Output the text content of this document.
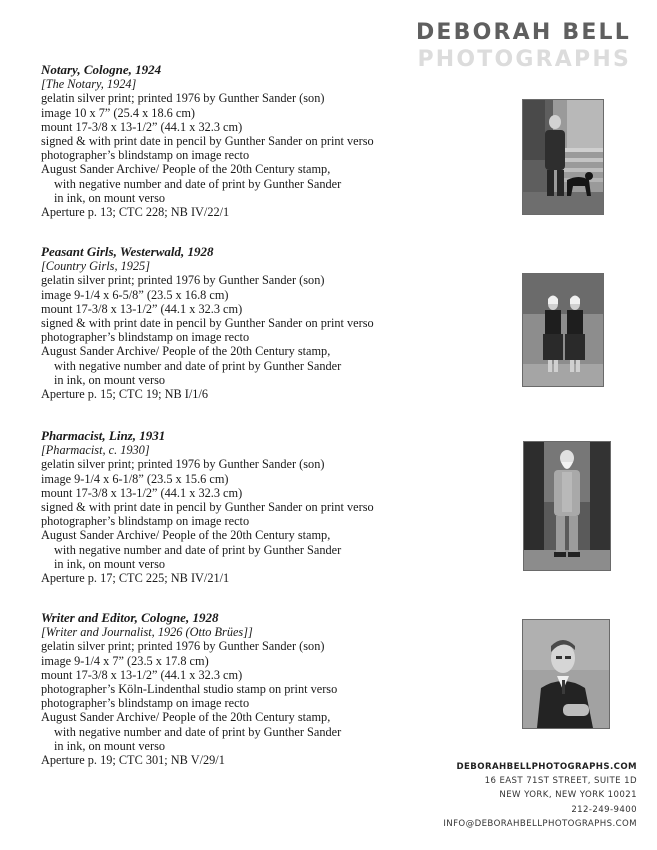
DEBORAH BELL
PHOTOGRAPHS
Notary, Cologne, 1924
[The Notary, 1924]
gelatin silver print; printed 1976 by Gunther Sander (son)
image 10 x 7” (25.4 x 18.6 cm)
mount 17-3/8 x 13-1/2” (44.1 x 32.3 cm)
signed & with print date in pencil by Gunther Sander on print verso
photographer’s blindstamp on image recto
August Sander Archive/ People of the 20th Century stamp,
with negative number and date of print by Gunther Sander
in ink, on mount verso
Aperture p. 13; CTC 228; NB IV/22/1
Peasant Girls, Westerwald, 1928
[Country Girls, 1925]
gelatin silver print; printed 1976 by Gunther Sander (son)
image 9-1/4 x 6-5/8” (23.5 x 16.8 cm)
mount 17-3/8 x 13-1/2” (44.1 x 32.3 cm)
signed & with print date in pencil by Gunther Sander on print verso
photographer’s blindstamp on image recto
August Sander Archive/ People of the 20th Century stamp,
with negative number and date of print by Gunther Sander
in ink, on mount verso
Aperture p. 15; CTC 19; NB I/1/6
Pharmacist, Linz, 1931
[Pharmacist, c. 1930]
gelatin silver print; printed 1976 by Gunther Sander (son)
image 9-1/4 x 6-1/8” (23.5 x 15.6 cm)
mount 17-3/8 x 13-1/2” (44.1 x 32.3 cm)
signed & with print date in pencil by Gunther Sander on print verso
photographer’s blindstamp on image recto
August Sander Archive/ People of the 20th Century stamp,
with negative number and date of print by Gunther Sander
in ink, on mount verso
Aperture p. 17; CTC 225; NB IV/21/1
Writer and Editor, Cologne, 1928
[Writer and Journalist, 1926 (Otto Brües]]
gelatin silver print; printed 1976 by Gunther Sander (son)
image 9-1/4 x 7” (23.5 x 17.8 cm)
mount 17-3/8 x 13-1/2” (44.1 x 32.3 cm)
photographer’s Köln-Lindenthal studio stamp on print verso
photographer’s blindstamp on image recto
August Sander Archive/ People of the 20th Century stamp,
with negative number and date of print by Gunther Sander
in ink, on mount verso
Aperture p. 19; CTC 301; NB V/29/1	DEBORAHBELLPHOTOGRAPHS.COM
16 EAST 71ST STREET, SUITE 1D
NEW YORK, NEW YORK 10021
212-249-9400
INFO@DEBORAHBELLPHOTOGRAPHS.COM
